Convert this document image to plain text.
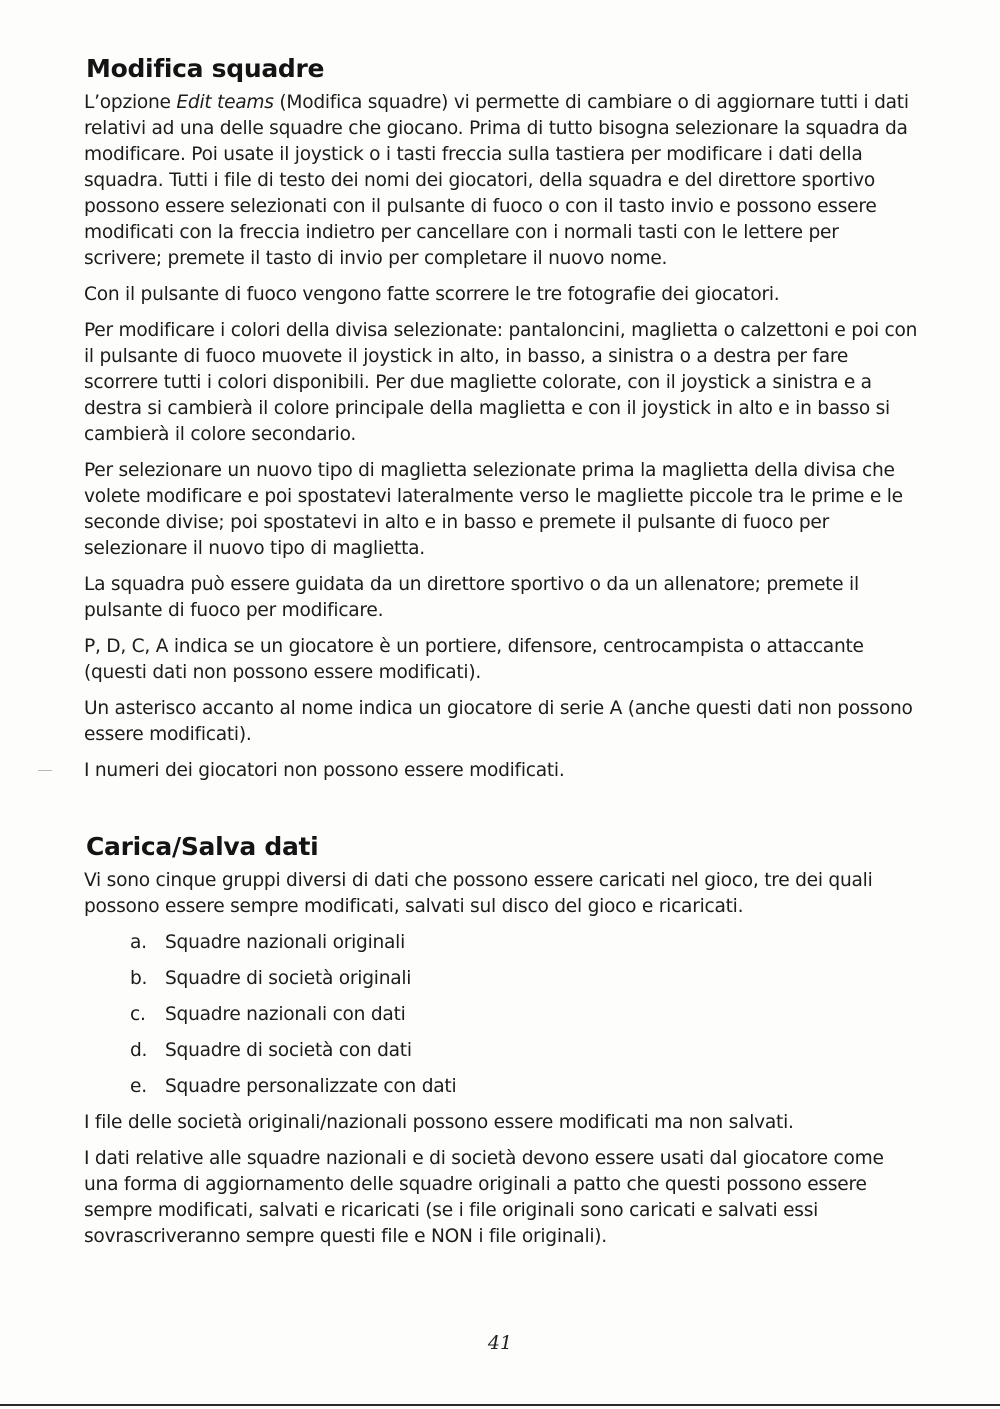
Modifica squadre

L’opzione Edit teams (Modifica squadre) vi permette di cambiare o di aggiornare tutti i dati relativi ad una delle squadre che giocano. Prima di tutto bisogna selezionare la squadra da modificare. Poi usate il joystick o i tasti freccia sulla tastiera per modificare i dati della squadra. Tutti i file di testo dei nomi dei giocatori, della squadra e del direttore sportivo possono essere selezionati con il pulsante di fuoco o con il tasto invio e possono essere modificati con la freccia indietro per cancellare con i normali tasti con le lettere per scrivere; premete il tasto di invio per completare il nuovo nome.

Con il pulsante di fuoco vengono fatte scorrere le tre fotografie dei giocatori.

Per modificare i colori della divisa selezionate: pantaloncini, maglietta o calzettoni e poi con il pulsante di fuoco muovete il joystick in alto, in basso, a sinistra o a destra per fare scorrere tutti i colori disponibili. Per due magliette colorate, con il joystick a sinistra e a destra si cambierà il colore principale della maglietta e con il joystick in alto e in basso si cambierà il colore secondario.

Per selezionare un nuovo tipo di maglietta selezionate prima la maglietta della divisa che volete modificare e poi spostatevi lateralmente verso le magliette piccole tra le prime e le seconde divise; poi spostatevi in alto e in basso e premete il pulsante di fuoco per selezionare il nuovo tipo di maglietta.

La squadra può essere guidata da un direttore sportivo o da un allenatore; premete il pulsante di fuoco per modificare.

P, D, C, A indica se un giocatore è un portiere, difensore, centrocampista o attaccante (questi dati non possono essere modificati).

Un asterisco accanto al nome indica un giocatore di serie A (anche questi dati non possono essere modificati).

I numeri dei giocatori non possono essere modificati.

Carica/Salva dati

Vi sono cinque gruppi diversi di dati che possono essere caricati nel gioco, tre dei quali possono essere sempre modificati, salvati sul disco del gioco e ricaricati.

a. Squadre nazionali originali
b. Squadre di società originali
c. Squadre nazionali con dati
d. Squadre di società con dati
e. Squadre personalizzate con dati

I file delle società originali/nazionali possono essere modificati ma non salvati.

I dati relative alle squadre nazionali e di società devono essere usati dal giocatore come una forma di aggiornamento delle squadre originali a patto che questi possono essere sempre modificati, salvati e ricaricati (se i file originali sono caricati e salvati essi sovrascriveranno sempre questi file e NON i file originali).

41
